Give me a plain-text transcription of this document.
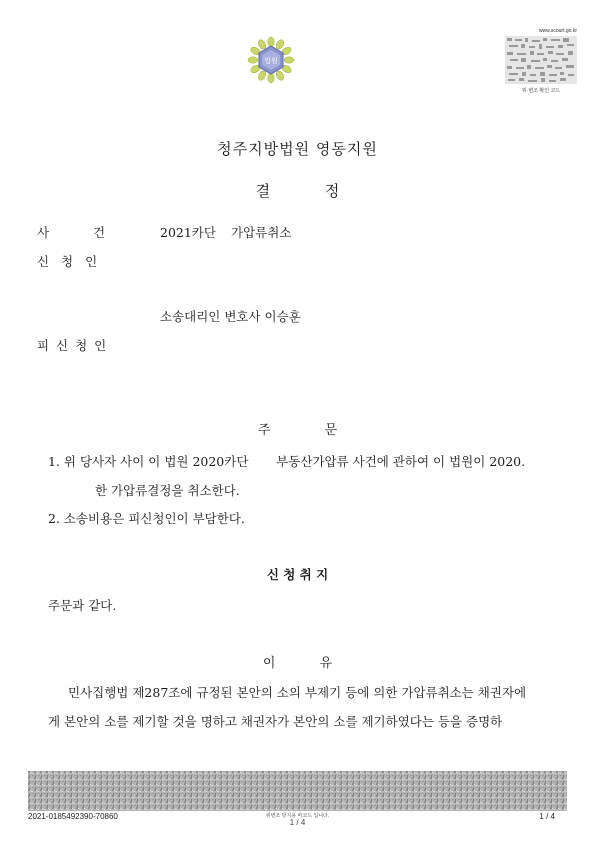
법원
www.scourt.go.kr
위·변조 확인 코드
청주지방법원 영동지원
결 정
사 건	2021카단 가압류취소
신 청 인
소송대리인 변호사 이승훈
피 신 청 인
주 문
1. 위 당사자 사이 이 법원 2020카단       부동산가압류 사건에 관하여 이 법원이 2020.
한 가압류결정을 취소한다.
2. 소송비용은 피신청인이 부담한다.
신 청 취 지
주문과 같다.
이 유
민사집행법 제287조에 규정된 본안의 소의 부제기 등에 의한 가압류취소는 채권자에
게 본안의 소를 제기할 것을 명하고 채권자가 본안의 소를 제기하였다는 등을 증명하
2021-0185492390-70860	위변조 방지용 바코드 입니다.
1 / 4
1 / 4
